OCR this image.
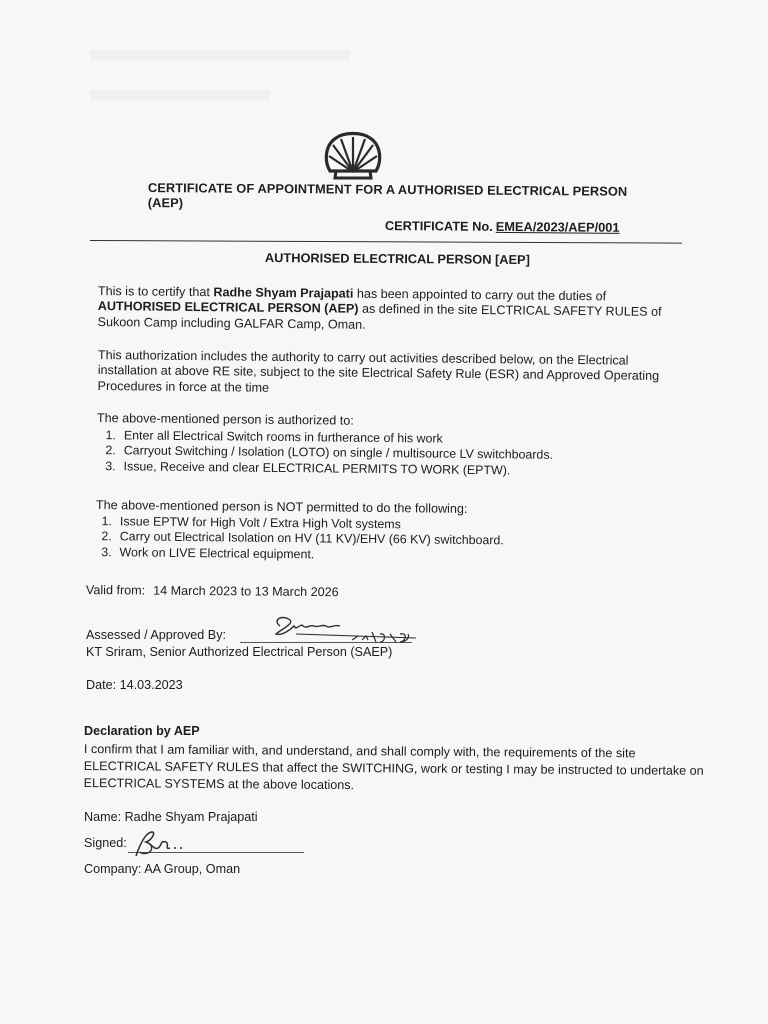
CERTIFICATE OF APPOINTMENT FOR A AUTHORISED ELECTRICAL PERSON (AEP)
CERTIFICATE No. EMEA/2023/AEP/001
AUTHORISED ELECTRICAL PERSON [AEP]
This is to certify that Radhe Shyam Prajapati has been appointed to carry out the duties of AUTHORISED ELECTRICAL PERSON (AEP) as defined in the site ELCTRICAL SAFETY RULES of Sukoon Camp including GALFAR Camp, Oman.
This authorization includes the authority to carry out activities described below, on the Electrical installation at above RE site, subject to the site Electrical Safety Rule (ESR) and Approved Operating Procedures in force at the time
The above-mentioned person is authorized to:
1. Enter all Electrical Switch rooms in furtherance of his work
2. Carryout Switching / Isolation (LOTO) on single / multisource LV switchboards.
3. Issue, Receive and clear ELECTRICAL PERMITS TO WORK (EPTW).
The above-mentioned person is NOT permitted to do the following:
1. Issue EPTW for High Volt / Extra High Volt systems
2. Carry out Electrical Isolation on HV (11 KV)/EHV (66 KV) switchboard.
3. Work on LIVE Electrical equipment.
Valid from: 14 March 2023 to 13 March 2026
Assessed / Approved By:
KT Sriram, Senior Authorized Electrical Person (SAEP)
Date: 14.03.2023
Declaration by AEP
I confirm that I am familiar with, and understand, and shall comply with, the requirements of the site ELECTRICAL SAFETY RULES that affect the SWITCHING, work or testing I may be instructed to undertake on ELECTRICAL SYSTEMS at the above locations.
Name: Radhe Shyam Prajapati
Signed:
Company: AA Group, Oman
